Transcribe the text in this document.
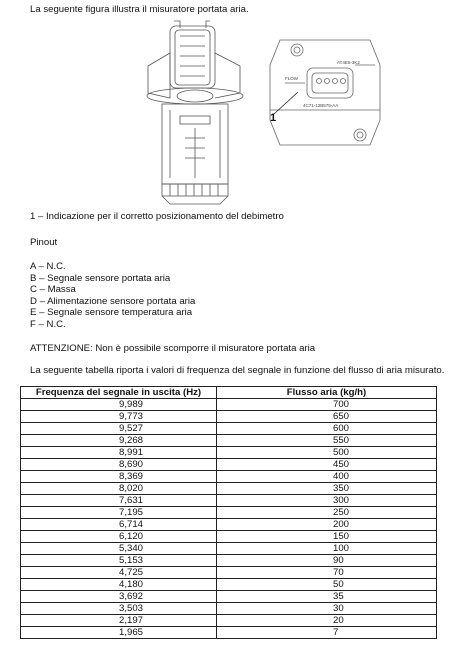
La seguente figura illustra il misuratore portata aria.
FLOW
AT4E6-3K2
4C71-12B579-AA
1
1 – Indicazione per il corretto posizionamento del debimetro
Pinout
A – N.C.
B – Segnale sensore portata aria
C – Massa
D – Alimentazione sensore portata aria
E – Segnale sensore temperatura aria
F – N.C.
ATTENZIONE: Non è possibile scomporre il misuratore portata aria
La seguente tabella riporta i valori di frequenza del segnale in funzione del flusso di aria misurato.
Frequenza del segnale in uscita (Hz)	Flusso aria (kg/h)
9,989	700
9,773	650
9,527	600
9,268	550
8,991	500
8,690	450
8,369	400
8,020	350
7,631	300
7,195	250
6,714	200
6,120	150
5,340	100
5,153	90
4,725	70
4,180	50
3,692	35
3,503	30
2,197	20
1,965	7
